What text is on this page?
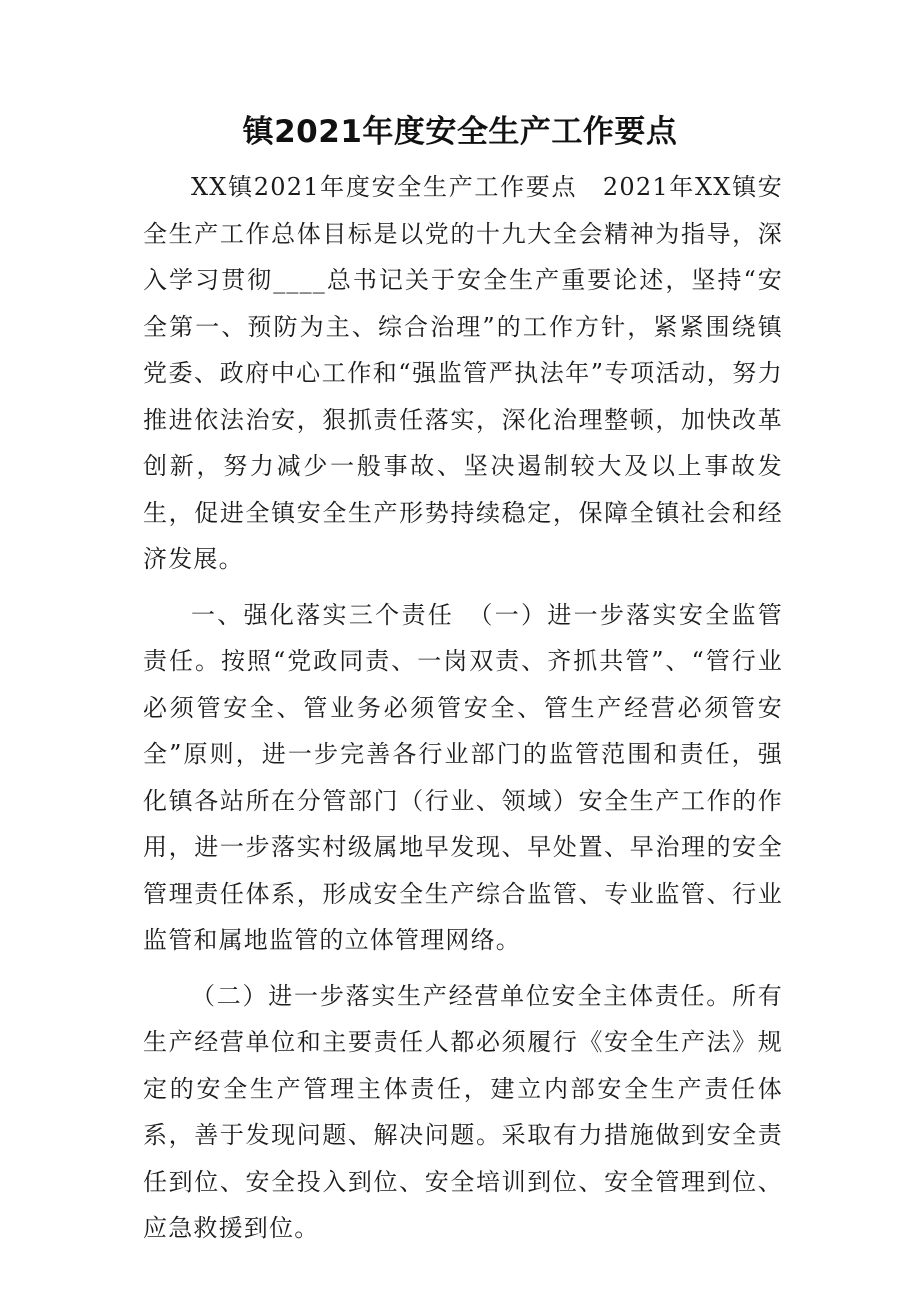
镇2021年度安全生产工作要点

XX镇2021年度安全生产工作要点　2021年XX镇安全生产工作总体目标是以党的十九大全会精神为指导，深入学习贯彻____总书记关于安全生产重要论述，坚持“安全第一、预防为主、综合治理”的工作方针，紧紧围绕镇党委、政府中心工作和“强监管严执法年”专项活动，努力推进依法治安，狠抓责任落实，深化治理整顿，加快改革创新，努力减少一般事故、坚决遏制较大及以上事故发生，促进全镇安全生产形势持续稳定，保障全镇社会和经济发展。

一、强化落实三个责任　（一）进一步落实安全监管责任。按照“党政同责、一岗双责、齐抓共管”、“管行业必须管安全、管业务必须管安全、管生产经营必须管安全”原则，进一步完善各行业部门的监管范围和责任，强化镇各站所在分管部门（行业、领域）安全生产工作的作用，进一步落实村级属地早发现、早处置、早治理的安全管理责任体系，形成安全生产综合监管、专业监管、行业监管和属地监管的立体管理网络。

（二）进一步落实生产经营单位安全主体责任。所有生产经营单位和主要责任人都必须履行《安全生产法》规定的安全生产管理主体责任，建立内部安全生产责任体系，善于发现问题、解决问题。采取有力措施做到安全责任到位、安全投入到位、安全培训到位、安全管理到位、应急救援到位。
